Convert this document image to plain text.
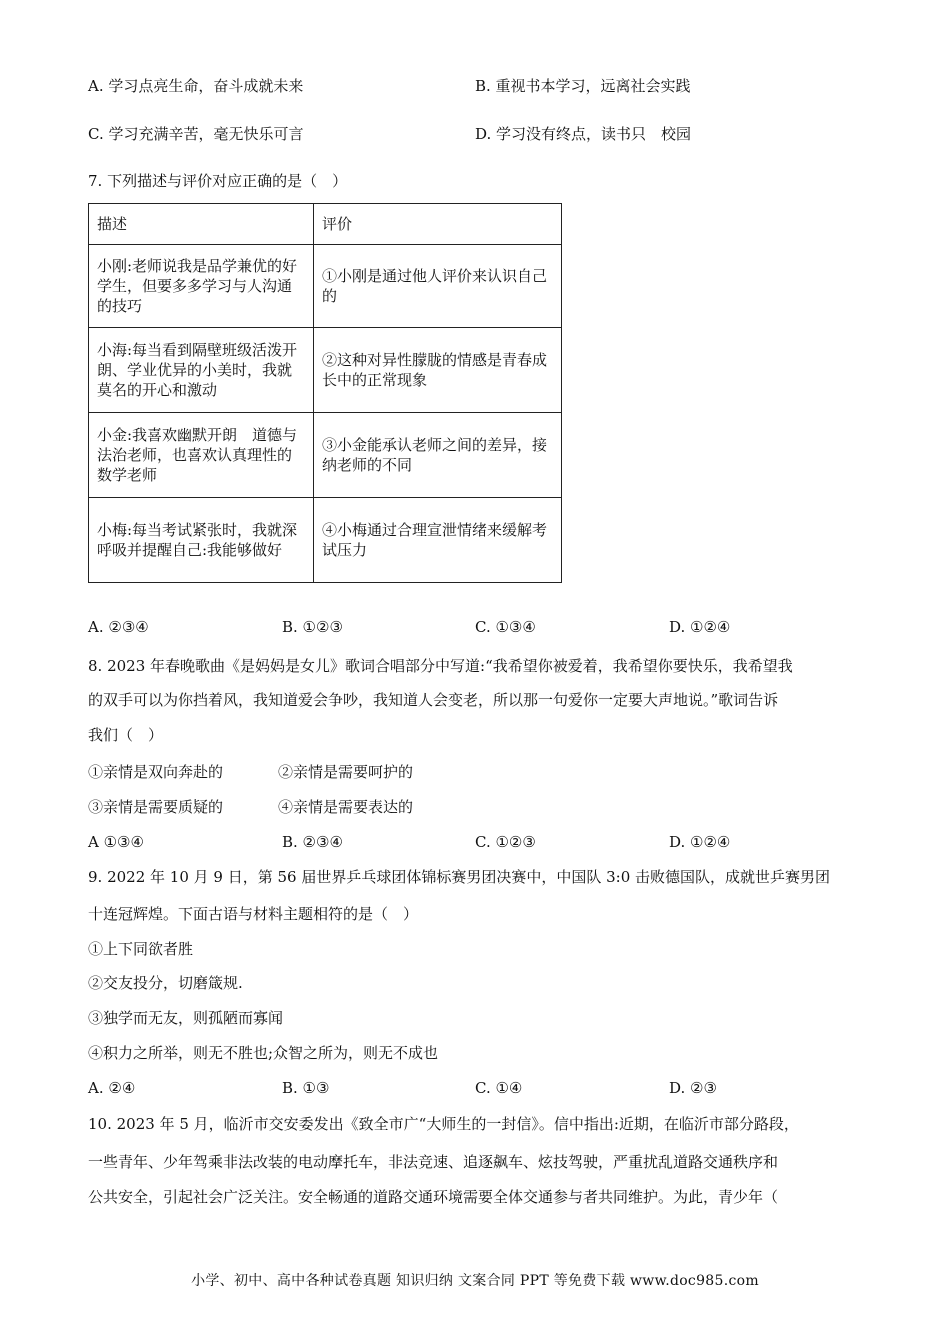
A. 学习点亮生命，奋斗成就未来	B. 重视书本学习，远离社会实践
C. 学习充满辛苦，毫无快乐可言	D. 学习没有终点，读书只　校园
7. 下列描述与评价对应正确的是（　）
描述	评价
小刚:老师说我是品学兼优的好学生，但要多多学习与人沟通的技巧	①小刚是通过他人评价来认识自己的
小海:每当看到隔壁班级活泼开朗、学业优异的小美时，我就莫名的开心和激动	②这种对异性朦胧的情感是青春成长中的正常现象
小金:我喜欢幽默开朗　道德与法治老师，也喜欢认真理性的数学老师	③小金能承认老师之间的差异，接纳老师的不同
小梅:每当考试紧张时，我就深呼吸并提醒自己:我能够做好	④小梅通过合理宣泄情绪来缓解考试压力
A. ②③④	B. ①②③	C. ①③④	D. ①②④
8. 2023 年春晚歌曲《是妈妈是女儿》歌词合唱部分中写道:“我希望你被爱着，我希望你要快乐，我希望我
的双手可以为你挡着风，我知道爱会争吵，我知道人会变老，所以那一句爱你一定要大声地说。”歌词告诉
我们（　）
①亲情是双向奔赴的	②亲情是需要呵护的
③亲情是需要质疑的	④亲情是需要表达的
A ①③④	B. ②③④	C. ①②③	D. ①②④
9. 2022 年 10 月 9 日，第 56 届世界乒乓球团体锦标赛男团决赛中，中国队 3:0 击败德国队，成就世乒赛男团
十连冠辉煌。下面古语与材料主题相符的是（　）
①上下同欲者胜
②交友投分，切磨箴规.
③独学而无友，则孤陋而寡闻
④积力之所举，则无不胜也;众智之所为，则无不成也
A. ②④	B. ①③	C. ①④	D. ②③
10. 2023 年 5 月，临沂市交安委发出《致全市广“大师生的一封信》。信中指出:近期，在临沂市部分路段，
一些青年、少年驾乘非法改装的电动摩托车，非法竞速、追逐飙车、炫技驾驶，严重扰乱道路交通秩序和
公共安全，引起社会广泛关注。安全畅通的道路交通环境需要全体交通参与者共同维护。为此，青少年（
小学、初中、高中各种试卷真题 知识归纳 文案合同 PPT 等免费下载 www.doc985.com
